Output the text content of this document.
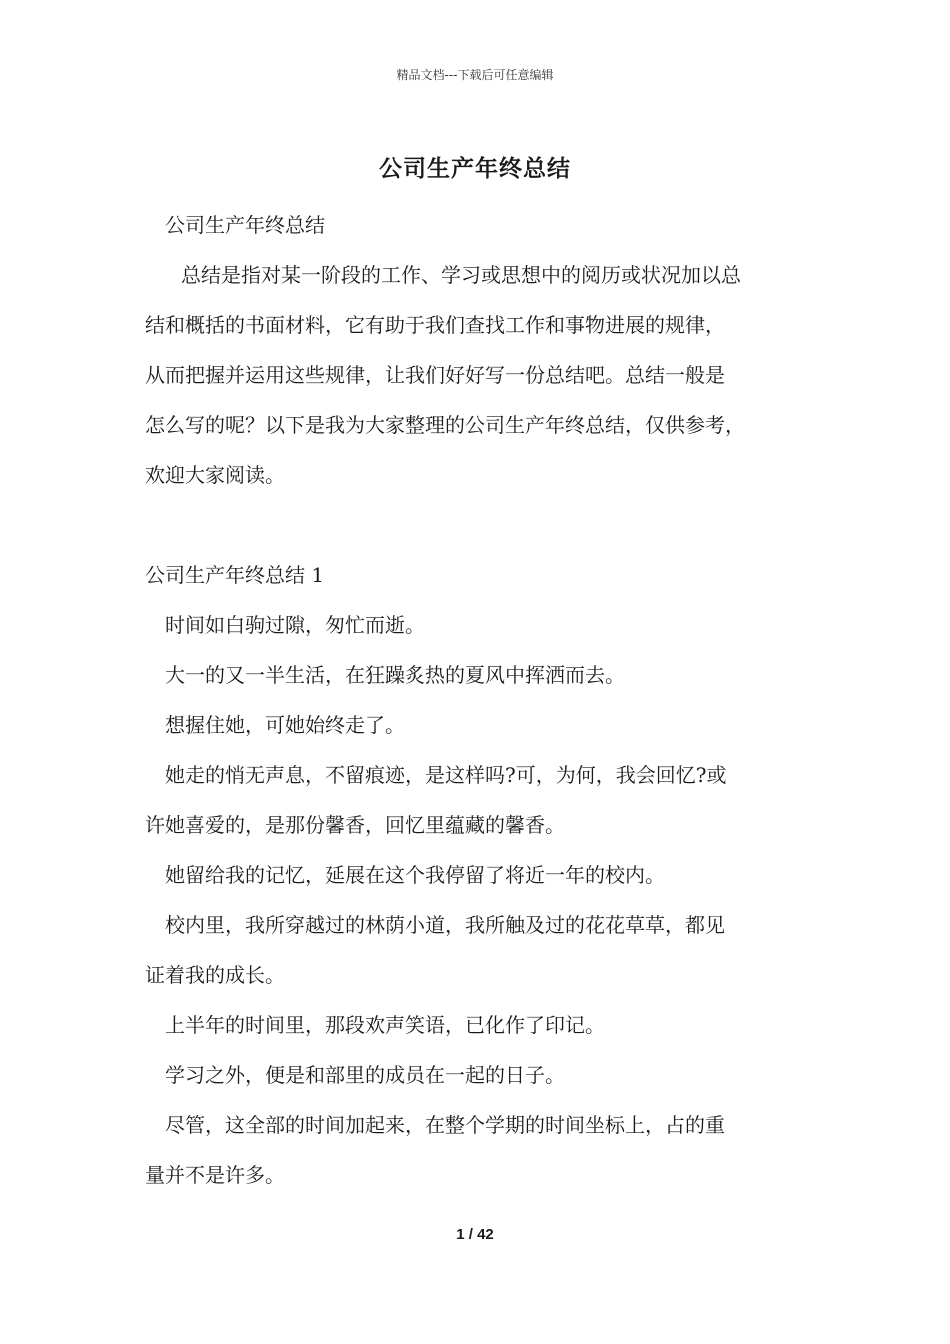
精品文档---下载后可任意编辑
公司生产年终总结

公司生产年终总结

总结是指对某一阶段的工作、学习或思想中的阅历或状况加以总

结和概括的书面材料，它有助于我们查找工作和事物进展的规律，

从而把握并运用这些规律，让我们好好写一份总结吧。总结一般是

怎么写的呢？以下是我为大家整理的公司生产年终总结，仅供参考，

欢迎大家阅读。

公司生产年终总结 1

时间如白驹过隙，匆忙而逝。

大一的又一半生活，在狂躁炙热的夏风中挥洒而去。

想握住她，可她始终走了。

她走的悄无声息，不留痕迹，是这样吗?可，为何，我会回忆?或

许她喜爱的，是那份馨香，回忆里蕴藏的馨香。

她留给我的记忆，延展在这个我停留了将近一年的校内。

校内里，我所穿越过的林荫小道，我所触及过的花花草草，都见

证着我的成长。

上半年的时间里，那段欢声笑语，已化作了印记。

学习之外，便是和部里的成员在一起的日子。

尽管，这全部的时间加起来，在整个学期的时间坐标上，占的重

量并不是许多。

1 / 42
